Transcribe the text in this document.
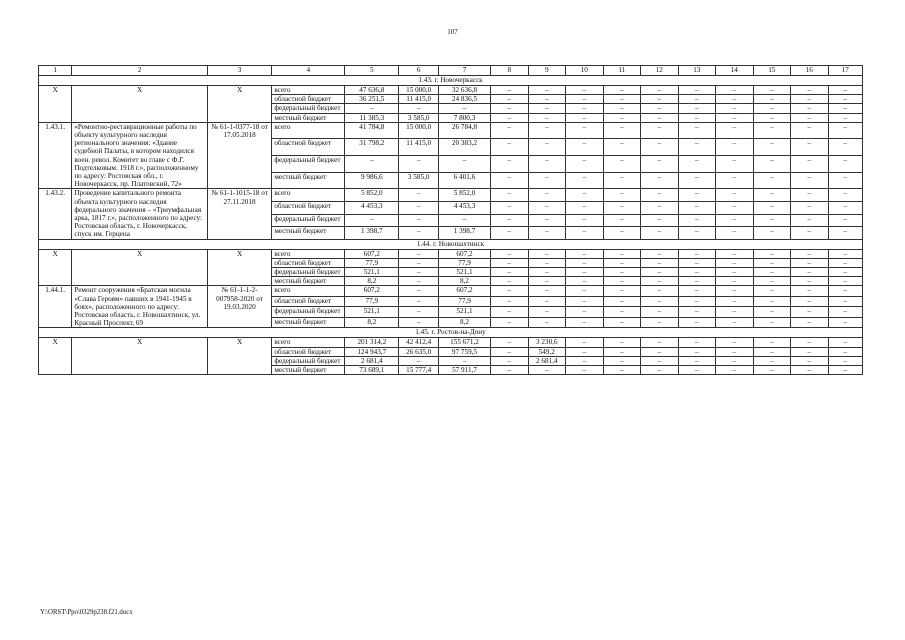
107
1	2	3	4	5	6	7	8	9	10	11	12	13	14	15	16	17
1.43. г. Новочеркасск																
X	X	X	всего	47 636,8	15 000,0	32 636,8	–	–	–	–	–	–	–	–	–	–
			областной бюджет	36 251,5	11 415,0	24 836,5	–	–	–	–	–	–	–	–	–	–
			федеральный бюджет	–	–	–	–	–	–	–	–	–	–	–	–	–
			местный бюджет	11 385,3	3 585,0	7 800,3	–	–	–	–	–	–	–	–	–	–
1.43.1.	«Ремонтно-реставрационные работы по объекту культурного наследия регионального значения: «Здание судебной Палаты, в котором находился воен. револ. Комитет во главе с Ф.Г. Подтелковым. 1918 г.», расположенному по адресу: Ростовская обл., г. Новочеркасск, пр. Платовский, 72»	№ 61-1-0377-18 от 17.05.2018	всего	41 784,8	15 000,0	26 784,8	–	–	–	–	–	–	–	–	–	–
			областной бюджет	31 798,2	11 415,0	20 383,2	–	–	–	–	–	–	–	–	–	–
			федеральный бюджет	–	–	–	–	–	–	–	–	–	–	–	–	–
			местный бюджет	9 986,6	3 585,0	6 401,6	–	–	–	–	–	–	–	–	–	–
1.43.2.	Проведение капитального ремонта объекта культурного наследия федерального значения – «Триумфальная арка, 1817 г.», расположенного по адресу: Ростовская область, г. Новочеркасск, спуск им. Герцена	№ 61-1-1015-18 от 27.11.2018	всего	5 852,0	–	5 852,0	–	–	–	–	–	–	–	–	–	–
			областной бюджет	4 453,3	–	4 453,3	–	–	–	–	–	–	–	–	–	–
			федеральный бюджет	–	–	–	–	–	–	–	–	–	–	–	–	–
			местный бюджет	1 398,7	–	1 398,7	–	–	–	–	–	–	–	–	–	–
1.44. г. Новошахтинск																
X	X	X	всего	607,2	–	607,2	–	–	–	–	–	–	–	–	–	–
			областной бюджет	77,9	–	77,9	–	–	–	–	–	–	–	–	–	–
			федеральный бюджет	521,1	–	521,1	–	–	–	–	–	–	–	–	–	–
			местный бюджет	8,2	–	8,2	–	–	–	–	–	–	–	–	–	–
1.44.1.	Ремонт сооружения «Братская могила «Слава Героям» павших в 1941-1945 в боях», расположенного по адресу: Ростовская область, г. Новошахтинск, ул. Красный Проспект, 69	№ 61-1-1-2-007958-2020 от 19.03.2020	всего	607,2	–	607,2	–	–	–	–	–	–	–	–	–	–
			областной бюджет	77,9	–	77,9	–	–	–	–	–	–	–	–	–	–
			федеральный бюджет	521,1	–	521,1	–	–	–	–	–	–	–	–	–	–
			местный бюджет	8,2	–	8,2	–	–	–	–	–	–	–	–	–	–
1.45. г. Ростов-на-Дону																
X	X	X	всего	201 314,2	42 412,4	155 671,2	–	3 230,6	–	–	–	–	–	–	–	–
			областной бюджет	124 943,7	26 635,0	97 759,5	–	549,2	–	–	–	–	–	–	–	–
			федеральный бюджет	2 681,4	–	–	–	2 681,4	–	–	–	–	–	–	–	–
			местный бюджет	73 689,1	15 777,4	57 911,7	–	–	–	–	–	–	–	–	–	–
Y:\ORST\Ppo\0329p238.f21.docx
